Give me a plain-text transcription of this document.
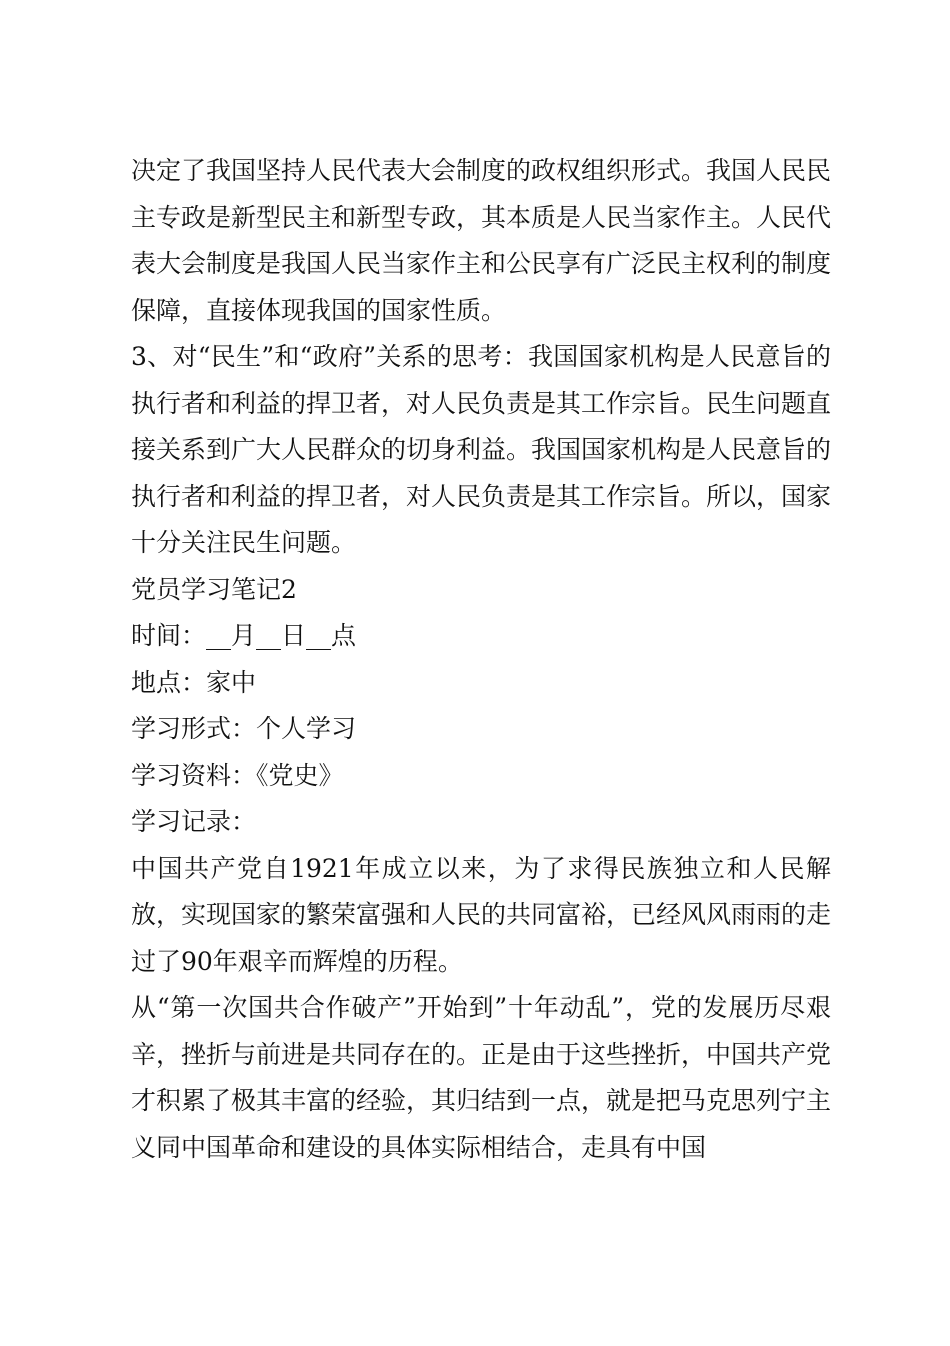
决定了我国坚持人民代表大会制度的政权组织形式。我国人民民主专政是新型民主和新型专政，其本质是人民当家作主。人民代表大会制度是我国人民当家作主和公民享有广泛民主权利的制度保障，直接体现我国的国家性质。

3、对“民生”和“政府”关系的思考：我国国家机构是人民意旨的执行者和利益的捍卫者，对人民负责是其工作宗旨。民生问题直接关系到广大人民群众的切身利益。我国国家机构是人民意旨的执行者和利益的捍卫者，对人民负责是其工作宗旨。所以，国家十分关注民生问题。

党员学习笔记2

时间：__月__日__点

地点：家中

学习形式：个人学习

学习资料：《党史》

学习记录：

中国共产党自1921年成立以来，为了求得民族独立和人民解放，实现国家的繁荣富强和人民的共同富裕，已经风风雨雨的走过了90年艰辛而辉煌的历程。

从“第一次国共合作破产”开始到”十年动乱”，党的发展历尽艰辛，挫折与前进是共同存在的。正是由于这些挫折，中国共产党才积累了极其丰富的经验，其归结到一点，就是把马克思列宁主义同中国革命和建设的具体实际相结合，走具有中国
